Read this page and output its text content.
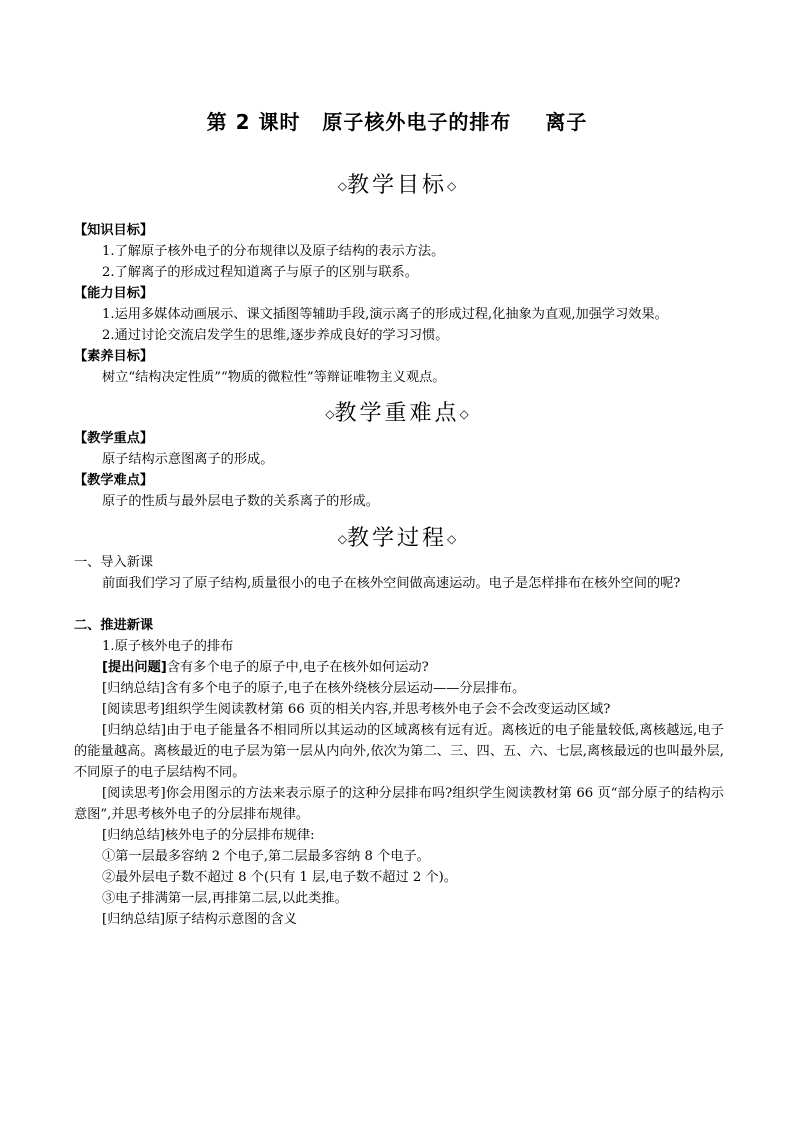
第 2 课时 原子核外电子的排布 离子
◇教学目标◇
【知识目标】
1.了解原子核外电子的分布规律以及原子结构的表示方法。
2.了解离子的形成过程知道离子与原子的区别与联系。
【能力目标】
1.运用多媒体动画展示、课文插图等辅助手段,演示离子的形成过程,化抽象为直观,加强学习效果。
2.通过讨论交流启发学生的思维,逐步养成良好的学习习惯。
【素养目标】
树立“结构决定性质”“物质的微粒性”等辩证唯物主义观点。
◇教学重难点◇
【教学重点】
原子结构示意图离子的形成。
【教学难点】
原子的性质与最外层电子数的关系离子的形成。
◇教学过程◇
一、导入新课
前面我们学习了原子结构,质量很小的电子在核外空间做高速运动。电子是怎样排布在核外空间的呢?
二、推进新课
1.原子核外电子的排布
[提出问题]含有多个电子的原子中,电子在核外如何运动?
[归纳总结]含有多个电子的原子,电子在核外绕核分层运动——分层排布。
[阅读思考]组织学生阅读教材第 66 页的相关内容,并思考核外电子会不会改变运动区域?
[归纳总结]由于电子能量各不相同所以其运动的区域离核有远有近。离核近的电子能量较低,离核越远,电子的能量越高。离核最近的电子层为第一层从内向外,依次为第二、三、四、五、六、七层,离核最远的也叫最外层,不同原子的电子层结构不同。
[阅读思考]你会用图示的方法来表示原子的这种分层排布吗?组织学生阅读教材第 66 页“部分原子的结构示意图”,并思考核外电子的分层排布规律。
[归纳总结]核外电子的分层排布规律:
①第一层最多容纳 2 个电子,第二层最多容纳 8 个电子。
②最外层电子数不超过 8 个(只有 1 层,电子数不超过 2 个)。
③电子排满第一层,再排第二层,以此类推。
[归纳总结]原子结构示意图的含义
